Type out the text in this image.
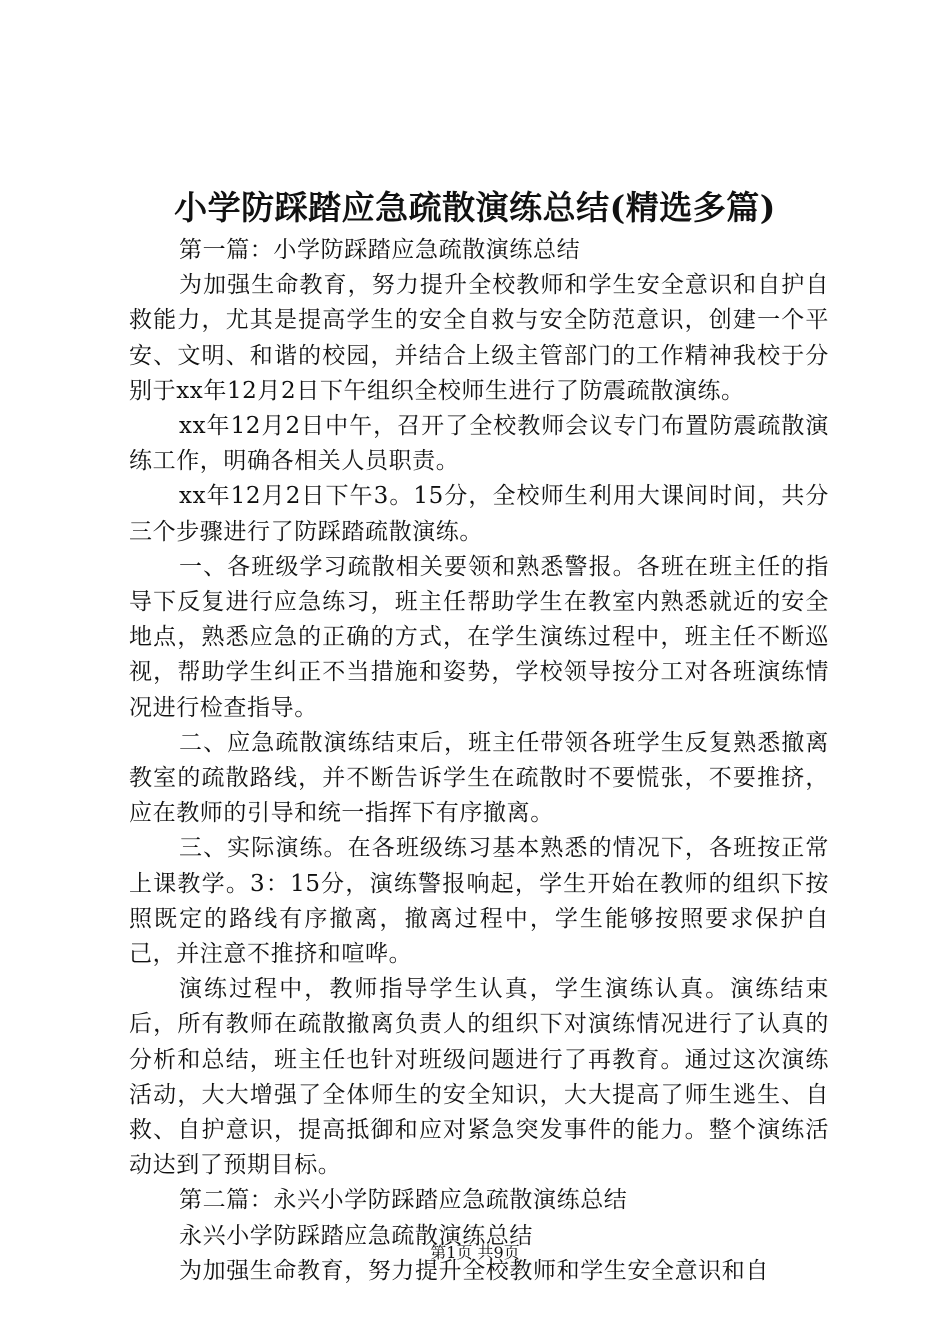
小学防踩踏应急疏散演练总结(精选多篇)

第一篇：小学防踩踏应急疏散演练总结

为加强生命教育，努力提升全校教师和学生安全意识和自护自救能力，尤其是提高学生的安全自救与安全防范意识，创建一个平安、文明、和谐的校园，并结合上级主管部门的工作精神我校于分别于xx年12月2日下午组织全校师生进行了防震疏散演练。

xx年12月2日中午，召开了全校教师会议专门布置防震疏散演练工作，明确各相关人员职责。

xx年12月2日下午3。15分，全校师生利用大课间时间，共分三个步骤进行了防踩踏疏散演练。

一、各班级学习疏散相关要领和熟悉警报。各班在班主任的指导下反复进行应急练习，班主任帮助学生在教室内熟悉就近的安全地点，熟悉应急的正确的方式，在学生演练过程中，班主任不断巡视，帮助学生纠正不当措施和姿势，学校领导按分工对各班演练情况进行检查指导。

二、应急疏散演练结束后，班主任带领各班学生反复熟悉撤离教室的疏散路线，并不断告诉学生在疏散时不要慌张，不要推挤，应在教师的引导和统一指挥下有序撤离。

三、实际演练。在各班级练习基本熟悉的情况下，各班按正常上课教学。3：15分，演练警报响起，学生开始在教师的组织下按照既定的路线有序撤离，撤离过程中，学生能够按照要求保护自己，并注意不推挤和喧哗。

演练过程中，教师指导学生认真，学生演练认真。演练结束后，所有教师在疏散撤离负责人的组织下对演练情况进行了认真的分析和总结，班主任也针对班级问题进行了再教育。通过这次演练活动，大大增强了全体师生的安全知识，大大提高了师生逃生、自救、自护意识，提高抵御和应对紧急突发事件的能力。整个演练活动达到了预期目标。

第二篇：永兴小学防踩踏应急疏散演练总结

永兴小学防踩踏应急疏散演练总结

为加强生命教育，努力提升全校教师和学生安全意识和自

第1页 共9页
